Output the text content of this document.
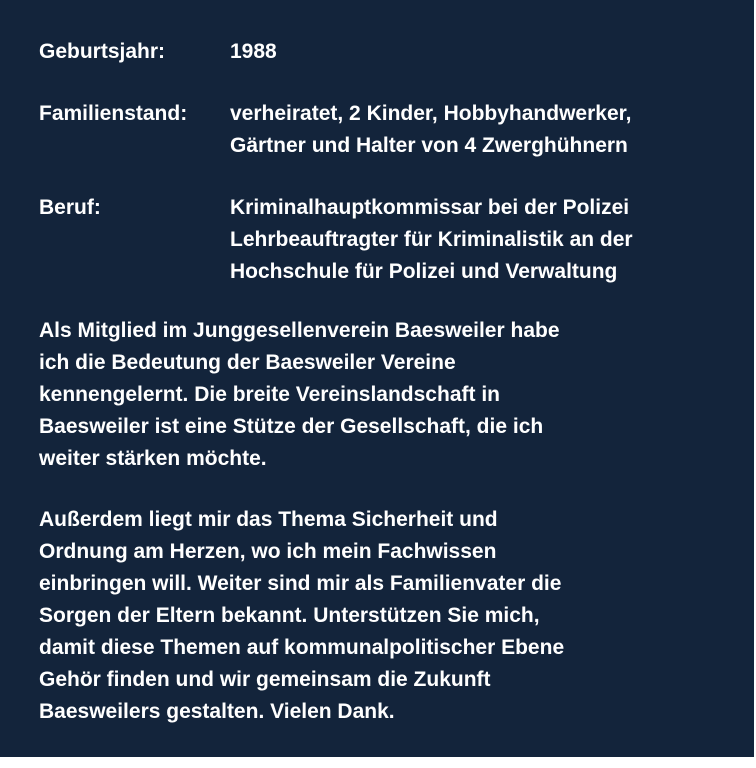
Geburtsjahr:	1988
Familienstand:	verheiratet, 2 Kinder, Hobbyhandwerker,
Gärtner und Halter von 4 Zwerghühnern
Beruf:	Kriminalhauptkommissar bei der Polizei
Lehrbeauftragter für Kriminalistik an der
Hochschule für Polizei und Verwaltung
Als Mitglied im Junggesellenverein Baesweiler habe
ich die Bedeutung der Baesweiler Vereine
kennengelernt. Die breite Vereinslandschaft in
Baesweiler ist eine Stütze der Gesellschaft, die ich
weiter stärken möchte.
Außerdem liegt mir das Thema Sicherheit und
Ordnung am Herzen, wo ich mein Fachwissen
einbringen will. Weiter sind mir als Familienvater die
Sorgen der Eltern bekannt. Unterstützen Sie mich,
damit diese Themen auf kommunalpolitischer Ebene
Gehör finden und wir gemeinsam die Zukunft
Baesweilers gestalten. Vielen Dank.
